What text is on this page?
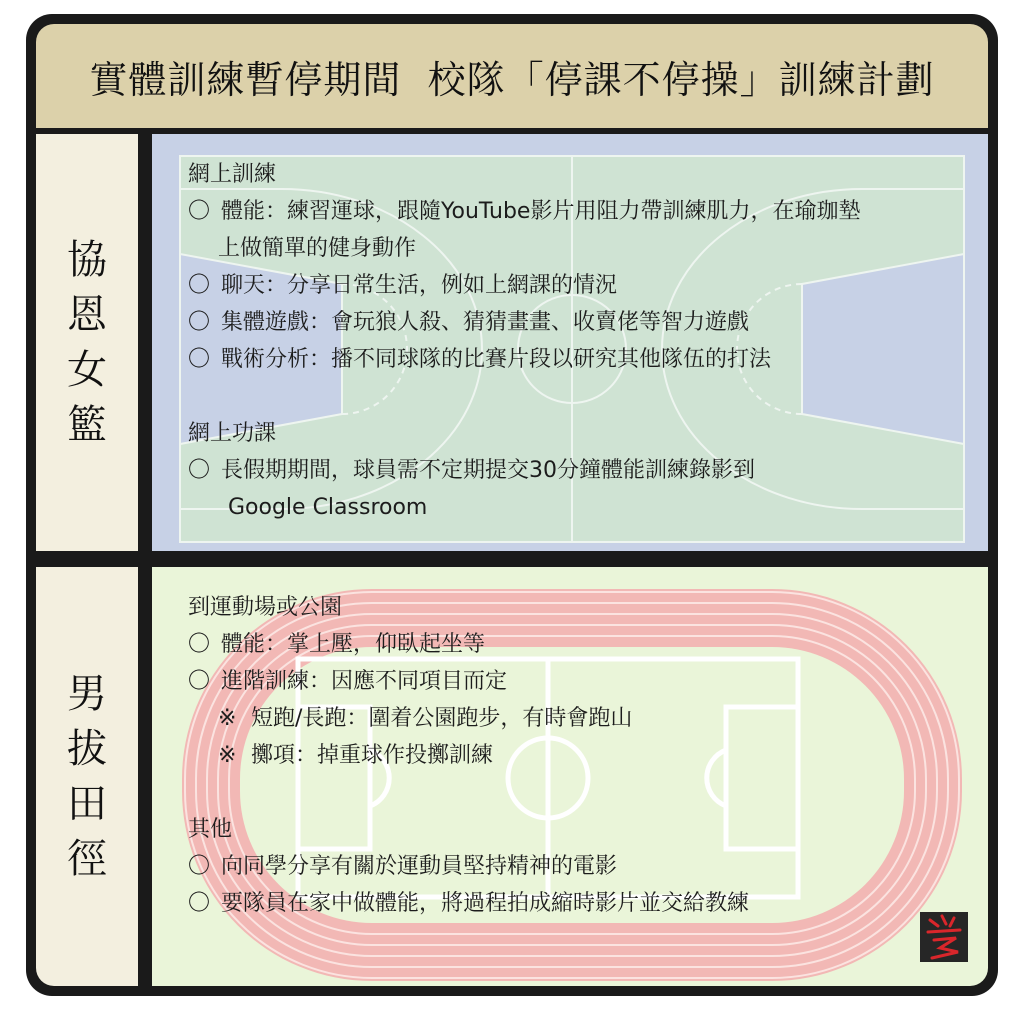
實體訓練暫停期間  校隊「停課不停操」訓練計劃
協恩女籃
網上訓練
〇 體能：練習運球，跟隨YouTube影片用阻力帶訓練肌力，在瑜珈墊
上做簡單的健身動作
〇 聊天：分享日常生活，例如上網課的情況
〇 集體遊戲：會玩狼人殺、猜猜畫畫、收賣佬等智力遊戲
〇 戰術分析：播不同球隊的比賽片段以研究其他隊伍的打法
網上功課
〇 長假期期間，球員需不定期提交30分鐘體能訓練錄影到
Google Classroom
男拔田徑
到運動場或公園
〇 體能：掌上壓，仰臥起坐等
〇 進階訓練：因應不同項目而定
※ 短跑/長跑：圍着公園跑步，有時會跑山
※ 擲項：掉重球作投擲訓練
其他
〇 向同學分享有關於運動員堅持精神的電影
〇 要隊員在家中做體能，將過程拍成縮時影片並交給教練
